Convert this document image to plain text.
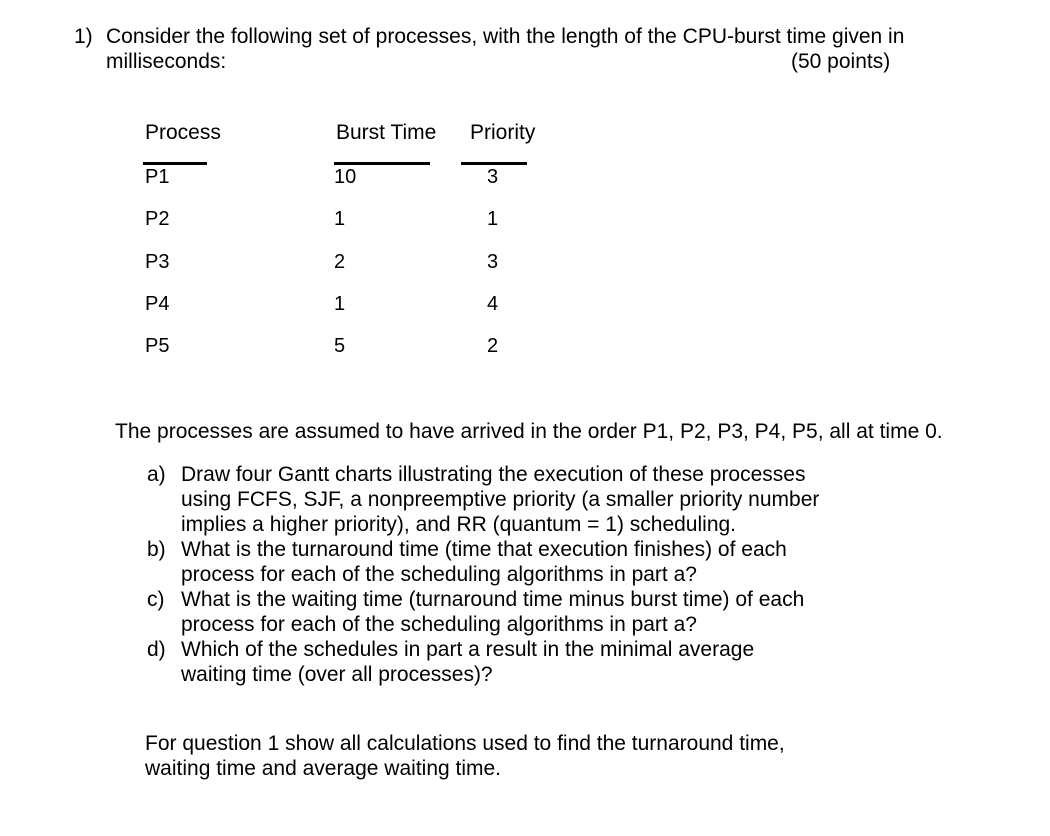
1) Consider the following set of processes, with the length of the CPU-burst time given in
milliseconds:	(50 points)
Process	Burst Time Priority
P1	10	3
P2	1	1
P3	2	3
P4	1	4
P5	5	2
The processes are assumed to have arrived in the order P1, P2, P3, P4, P5, all at time 0.
a) Draw four Gantt charts illustrating the execution of these processes
using FCFS, SJF, a nonpreemptive priority (a smaller priority number
implies a higher priority), and RR (quantum = 1) scheduling.
b) What is the turnaround time (time that execution finishes) of each
process for each of the scheduling algorithms in part a?
c) What is the waiting time (turnaround time minus burst time) of each
process for each of the scheduling algorithms in part a?
d) Which of the schedules in part a result in the minimal average
waiting time (over all processes)?
For question 1 show all calculations used to find the turnaround time,
waiting time and average waiting time.
